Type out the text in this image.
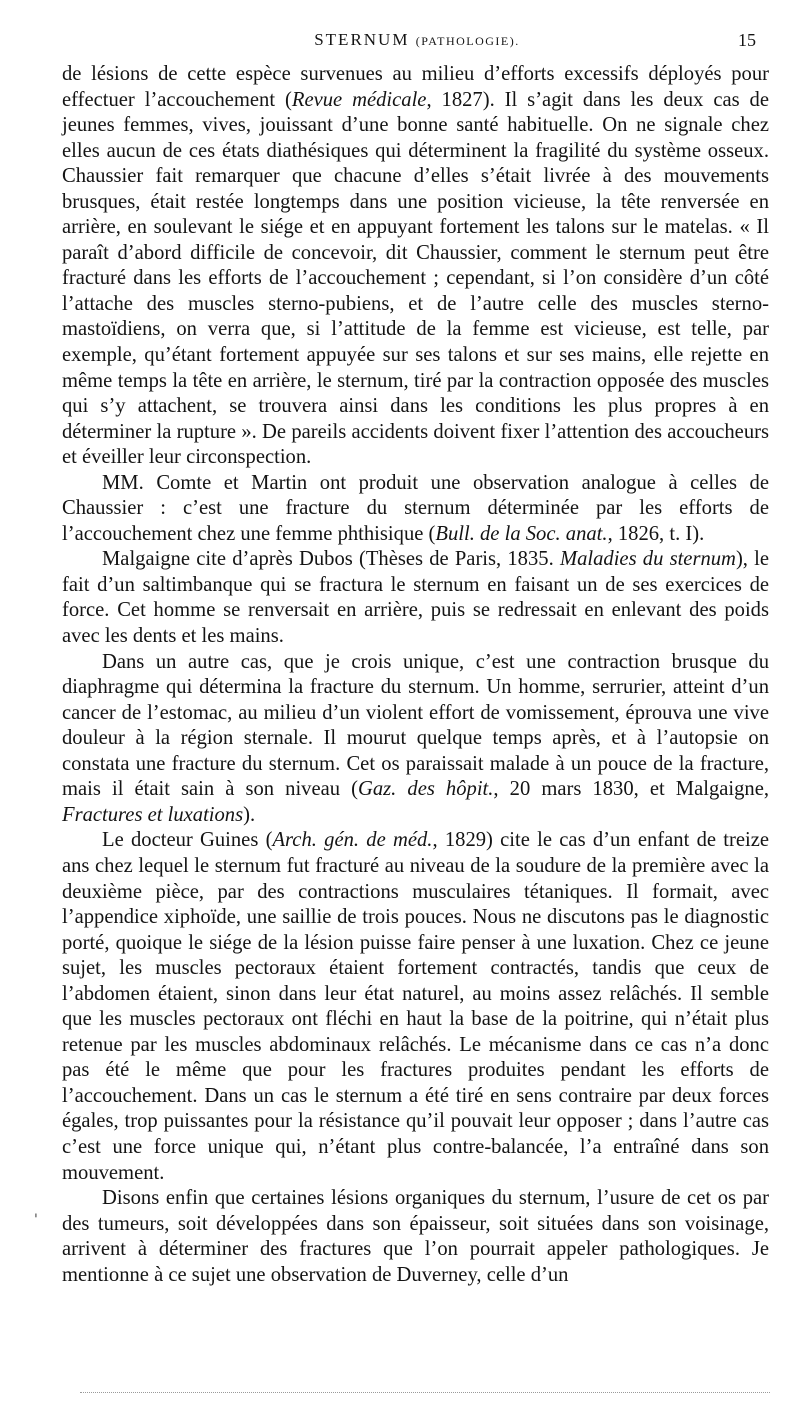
STERNUM (PATHOLOGIE).	15

de lésions de cette espèce survenues au milieu d’efforts excessifs déployés pour effectuer l’accouchement (Revue médicale, 1827). Il s’agit dans les deux cas de jeunes femmes, vives, jouissant d’une bonne santé habituelle. On ne signale chez elles aucun de ces états diathésiques qui déterminent la fragilité du système osseux. Chaussier fait remarquer que chacune d’elles s’était livrée à des mouvements brusques, était restée longtemps dans une position vicieuse, la tête renversée en arrière, en soulevant le siége et en appuyant fortement les talons sur le matelas. « Il paraît d’abord difficile de concevoir, dit Chaussier, comment le sternum peut être fracturé dans les efforts de l’accouchement ; cependant, si l’on considère d’un côté l’attache des muscles sterno-pubiens, et de l’autre celle des muscles sterno-mastoïdiens, on verra que, si l’attitude de la femme est vicieuse, est telle, par exemple, qu’étant fortement appuyée sur ses talons et sur ses mains, elle rejette en même temps la tête en arrière, le sternum, tiré par la contraction opposée des muscles qui s’y attachent, se trouvera ainsi dans les conditions les plus propres à en déterminer la rupture ». De pareils accidents doivent fixer l’attention des accoucheurs et éveiller leur circonspection.

MM. Comte et Martin ont produit une observation analogue à celles de Chaussier : c’est une fracture du sternum déterminée par les efforts de l’accouchement chez une femme phthisique (Bull. de la Soc. anat., 1826, t. I).

Malgaigne cite d’après Dubos (Thèses de Paris, 1835. Maladies du sternum), le fait d’un saltimbanque qui se fractura le sternum en faisant un de ses exercices de force. Cet homme se renversait en arrière, puis se redressait en enlevant des poids avec les dents et les mains.

Dans un autre cas, que je crois unique, c’est une contraction brusque du diaphragme qui détermina la fracture du sternum. Un homme, serrurier, atteint d’un cancer de l’estomac, au milieu d’un violent effort de vomissement, éprouva une vive douleur à la région sternale. Il mourut quelque temps après, et à l’autopsie on constata une fracture du sternum. Cet os paraissait malade à un pouce de la fracture, mais il était sain à son niveau (Gaz. des hôpit., 20 mars 1830, et Malgaigne, Fractures et luxations).

Le docteur Guines (Arch. gén. de méd., 1829) cite le cas d’un enfant de treize ans chez lequel le sternum fut fracturé au niveau de la soudure de la première avec la deuxième pièce, par des contractions musculaires tétaniques. Il formait, avec l’appendice xiphoïde, une saillie de trois pouces. Nous ne discutons pas le diagnostic porté, quoique le siége de la lésion puisse faire penser à une luxation. Chez ce jeune sujet, les muscles pectoraux étaient fortement contractés, tandis que ceux de l’abdomen étaient, sinon dans leur état naturel, au moins assez relâchés. Il semble que les muscles pectoraux ont fléchi en haut la base de la poitrine, qui n’était plus retenue par les muscles abdominaux relâchés. Le mécanisme dans ce cas n’a donc pas été le même que pour les fractures produites pendant les efforts de l’accouchement. Dans un cas le sternum a été tiré en sens contraire par deux forces égales, trop puissantes pour la résistance qu’il pouvait leur opposer ; dans l’autre cas c’est une force unique qui, n’étant plus contre-balancée, l’a entraîné dans son mouvement.

Disons enfin que certaines lésions organiques du sternum, l’usure de cet os par des tumeurs, soit développées dans son épaisseur, soit situées dans son voisinage, arrivent à déterminer des fractures que l’on pourrait appeler pathologiques. Je mentionne à ce sujet une observation de Duverney, celle d’un

'
